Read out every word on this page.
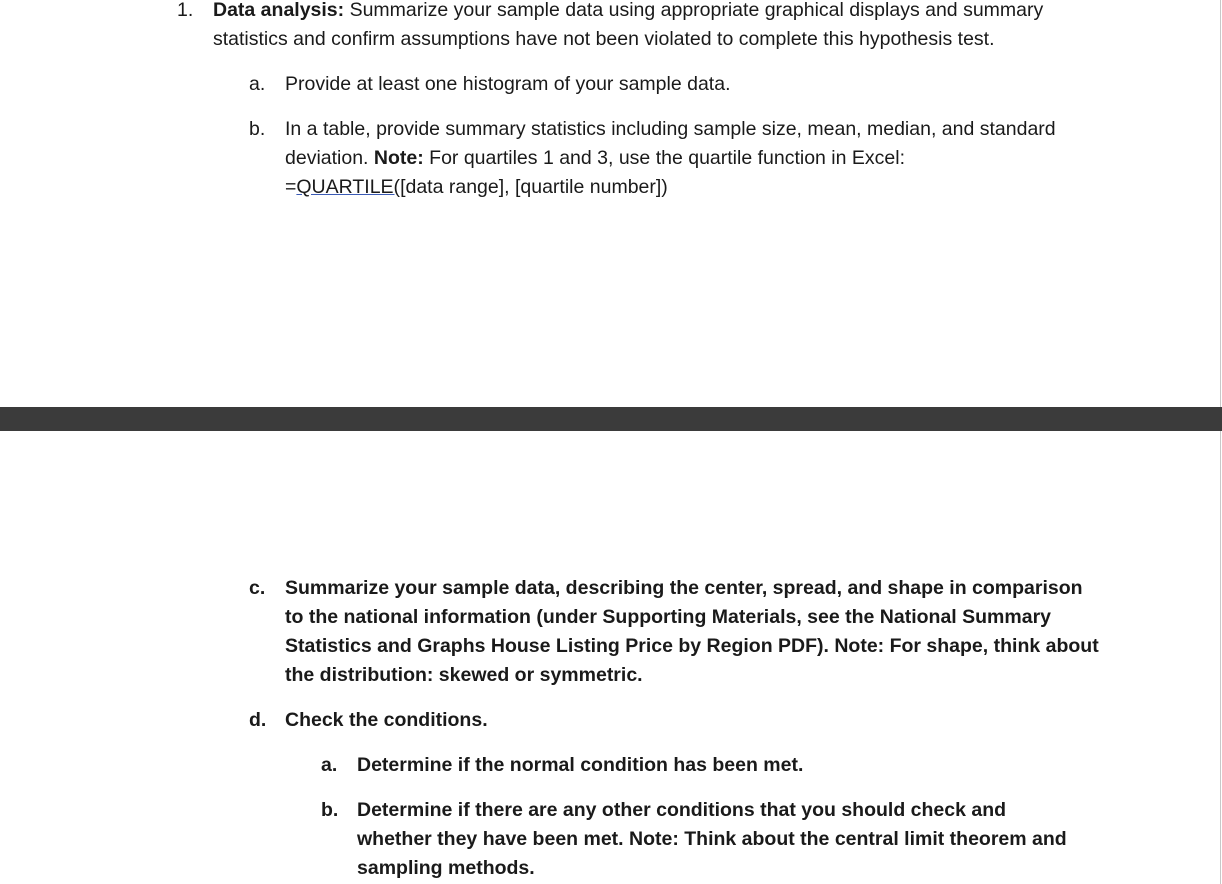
1. Data analysis: Summarize your sample data using appropriate graphical displays and summary
statistics and confirm assumptions have not been violated to complete this hypothesis test.
a. Provide at least one histogram of your sample data.
b. In a table, provide summary statistics including sample size, mean, median, and standard
deviation. Note: For quartiles 1 and 3, use the quartile function in Excel:
=QUARTILE([data range], [quartile number])
c. Summarize your sample data, describing the center, spread, and shape in comparison
to the national information (under Supporting Materials, see the National Summary
Statistics and Graphs House Listing Price by Region PDF). Note: For shape, think about
the distribution: skewed or symmetric.
d. Check the conditions.
a. Determine if the normal condition has been met.
b. Determine if there are any other conditions that you should check and
whether they have been met. Note: Think about the central limit theorem and
sampling methods.
